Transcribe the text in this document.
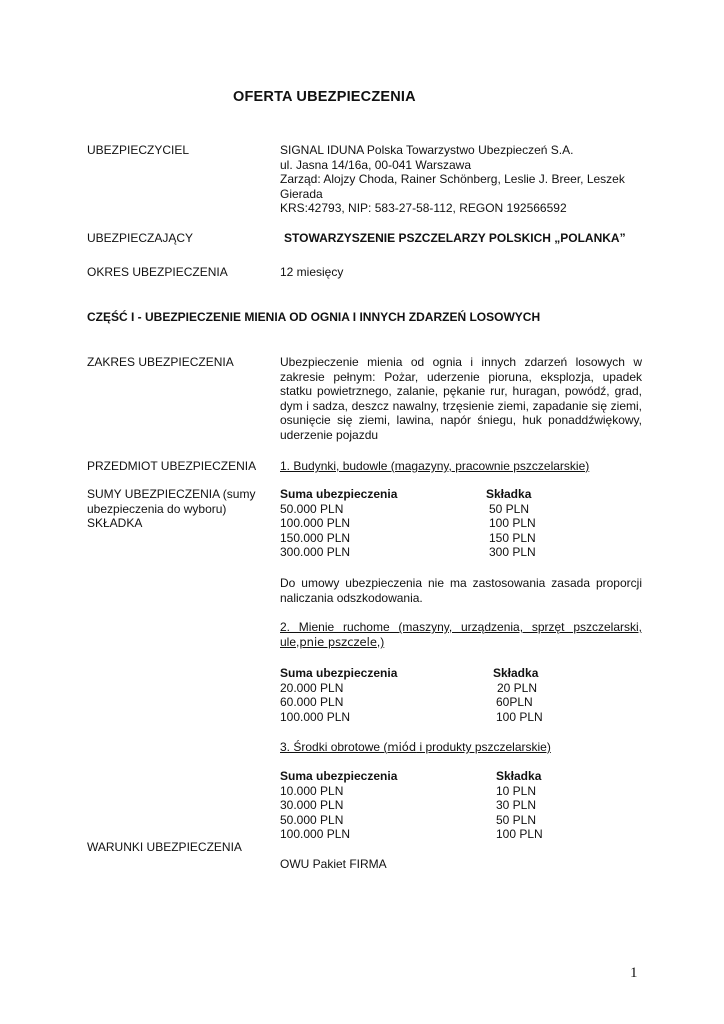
OFERTA UBEZPIECZENIA
UBEZPIECZYCIEL	SIGNAL IDUNA Polska Towarzystwo Ubezpieczeń S.A.
ul. Jasna 14/16a, 00-041 Warszawa
Zarząd: Alojzy Choda, Rainer Schönberg, Leslie J. Breer, Leszek
Gierada
KRS:42793, NIP: 583-27-58-112, REGON 192566592
UBEZPIECZAJĄCY	STOWARZYSZENIE PSZCZELARZY POLSKICH „POLANKA”
OKRES UBEZPIECZENIA	12 miesięcy
CZĘŚĆ I - UBEZPIECZENIE MIENIA OD OGNIA I INNYCH ZDARZEŃ LOSOWYCH
ZAKRES UBEZPIECZENIA	Ubezpieczenie mienia od ognia i innych zdarzeń losowych w zakresie pełnym: Pożar, uderzenie pioruna, eksplozja, upadek statku powietrznego, zalanie, pękanie rur, huragan, powódź, grad, dym i sadza, deszcz nawalny, trzęsienie ziemi, zapadanie się ziemi, osunięcie się ziemi, lawina, napór śniegu, huk ponaddźwiękowy, uderzenie pojazdu
PRZEDMIOT UBEZPIECZENIA	1. Budynki, budowle (magazyny, pracownie pszczelarskie)
SUMY UBEZPIECZENIA (sumy
ubezpieczenia do wyboru)
SKŁADKA
Suma ubezpieczenia	Składka
50.000 PLN	50 PLN
100.000 PLN	100 PLN
150.000 PLN	150 PLN
300.000 PLN	300 PLN
Do umowy ubezpieczenia nie ma zastosowania zasada proporcji naliczania odszkodowania.
2. Mienie ruchome (maszyny, urządzenia, sprzęt pszczelarski, ule,pnie pszczele,)
Suma ubezpieczenia	Składka
20.000 PLN	20 PLN
60.000 PLN	60PLN
100.000 PLN	100 PLN
3. Środki obrotowe (miód i produkty pszczelarskie)
Suma ubezpieczenia	Składka
10.000 PLN	10 PLN
30.000 PLN	30 PLN
50.000 PLN	50 PLN
100.000 PLN	100 PLN
WARUNKI UBEZPIECZENIA
OWU Pakiet FIRMA
1
